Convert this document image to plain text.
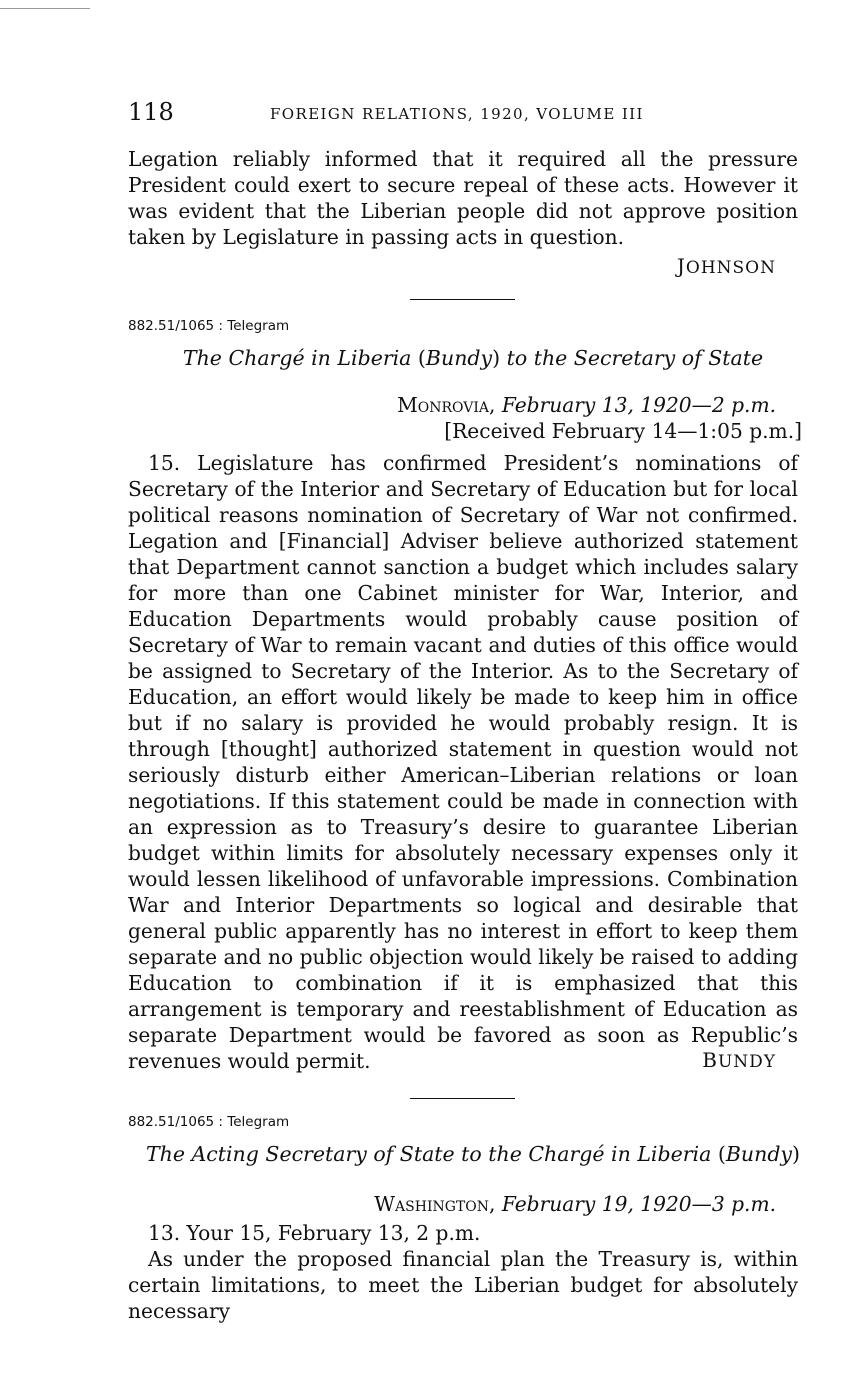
118	FOREIGN RELATIONS, 1920, VOLUME III
Legation reliably informed that it required all the pressure President could exert to secure repeal of these acts. However it was evident that the Liberian people did not approve position taken by Legislature in passing acts in question.
JOHNSON
882.51/1065 : Telegram
The Chargé in Liberia (Bundy) to the Secretary of State
Monrovia, February 13, 1920—2 p.m.
[Received February 14—1:05 p.m.]
15. Legislature has confirmed President’s nominations of Secretary of the Interior and Secretary of Education but for local political reasons nomination of Secretary of War not confirmed. Legation and [Financial] Adviser believe authorized statement that Department cannot sanction a budget which includes salary for more than one Cabinet minister for War, Interior, and Education Departments would probably cause position of Secretary of War to remain vacant and duties of this office would be assigned to Secretary of the Interior. As to the Secretary of Education, an effort would likely be made to keep him in office but if no salary is provided he would probably resign. It is through [thought] authorized statement in question would not seriously disturb either American–Liberian relations or loan negotiations. If this statement could be made in connection with an expression as to Treasury’s desire to guarantee Liberian budget within limits for absolutely necessary expenses only it would lessen likelihood of unfavorable impressions. Combination War and Interior Departments so logical and desirable that general public apparently has no interest in effort to keep them separate and no public objection would likely be raised to adding Education to combination if it is emphasized that this arrangement is temporary and reestablishment of Education as separate Department would be favored as soon as Republic’s revenues would permit.	BUNDY
882.51/1065 : Telegram
The Acting Secretary of State to the Chargé in Liberia (Bundy)
Washington, February 19, 1920—3 p.m.
13. Your 15, February 13, 2 p.m.
As under the proposed financial plan the Treasury is, within certain limitations, to meet the Liberian budget for absolutely necessary
